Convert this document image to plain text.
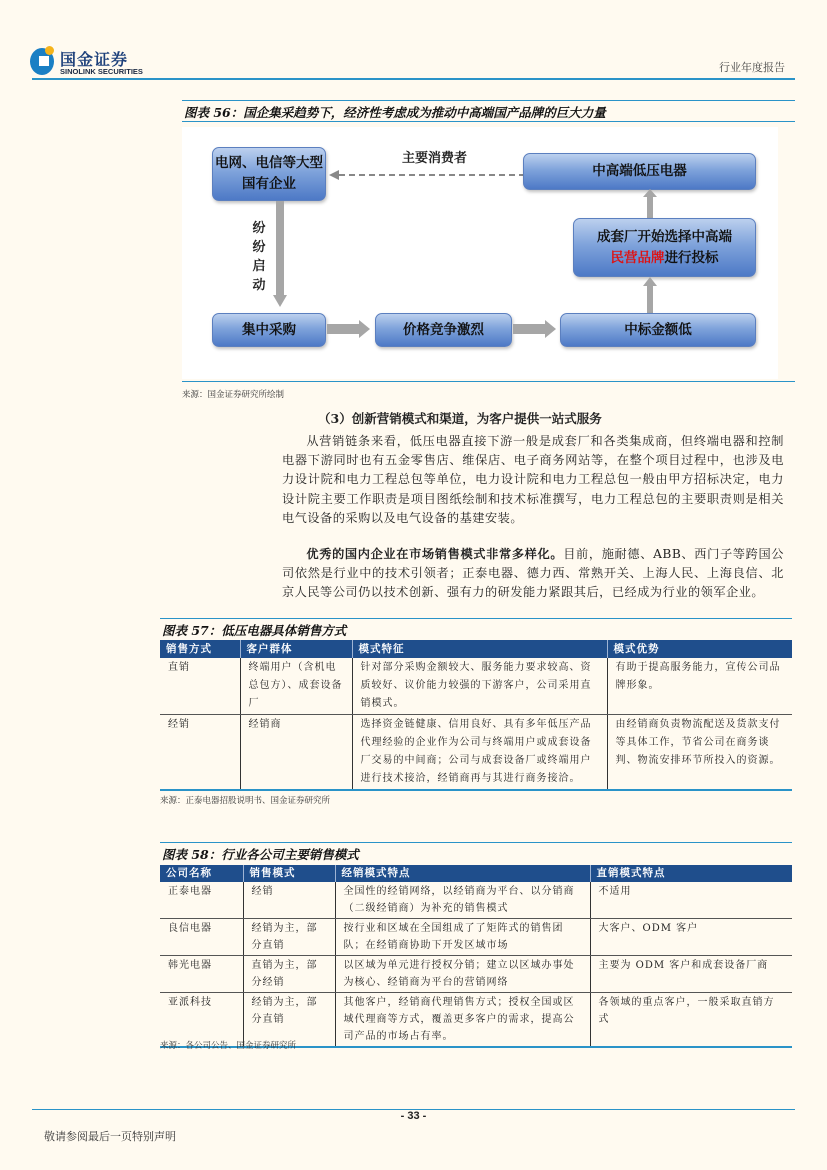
国金证券
SINOLINK SECURITIES	行业年度报告
图表 56：国企集采趋势下，经济性考虑成为推动中高端国产品牌的巨大力量
电网、电信等大型国有企业
主要消费者
中高端低压电器
成套厂开始选择中高端
民营品牌进行投标
纷
纷
启
动
集中采购	价格竞争激烈	中标金额低
来源：国金证券研究所绘制
（3）创新营销模式和渠道，为客户提供一站式服务
从营销链条来看，低压电器直接下游一般是成套厂和各类集成商，但终端电器和控制电器下游同时也有五金零售店、维保店、电子商务网站等，在整个项目过程中，也涉及电力设计院和电力工程总包等单位，电力设计院和电力工程总包一般由甲方招标决定，电力设计院主要工作职责是项目图纸绘制和技术标准撰写，电力工程总包的主要职责则是相关电气设备的采购以及电气设备的基建安装。
优秀的国内企业在市场销售模式非常多样化。目前，施耐德、ABB、西门子等跨国公司依然是行业中的技术引领者；正泰电器、德力西、常熟开关、上海人民、上海良信、北京人民等公司仍以技术创新、强有力的研发能力紧跟其后，已经成为行业的领军企业。
图表 57：低压电器具体销售方式
销售方式	客户群体	模式特征	模式优势
直销	终端用户（含机电总包方）、成套设备厂	针对部分采购金额较大、服务能力要求较高、资质较好、议价能力较强的下游客户，公司采用直销模式。	有助于提高服务能力，宣传公司品牌形象。
经销	经销商	选择资金链健康、信用良好、具有多年低压产品代理经验的企业作为公司与终端用户或成套设备厂交易的中间商；公司与成套设备厂或终端用户进行技术接洽，经销商再与其进行商务接洽。	由经销商负责物流配送及货款支付等具体工作，节省公司在商务谈判、物流安排环节所投入的资源。
来源：正泰电器招股说明书、国金证券研究所
图表 58：行业各公司主要销售模式
公司名称	销售模式	经销模式特点	直销模式特点
正泰电器	经销	全国性的经销网络，以经销商为平台、以分销商（二级经销商）为补充的销售模式	不适用
良信电器	经销为主，部分直销	按行业和区域在全国组成了了矩阵式的销售团队；在经销商协助下开发区域市场	大客户、ODM 客户
韩光电器	直销为主，部分经销	以区域为单元进行授权分销；建立以区域办事处为核心、经销商为平台的营销网络	主要为 ODM 客户和成套设备厂商
亚派科技	经销为主，部分直销	其他客户，经销商代理销售方式；授权全国或区域代理商等方式，覆盖更多客户的需求，提高公司产品的市场占有率。	各领域的重点客户，一般采取直销方式
来源：各公司公告、国金证券研究所
- 33 -
敬请参阅最后一页特别声明
